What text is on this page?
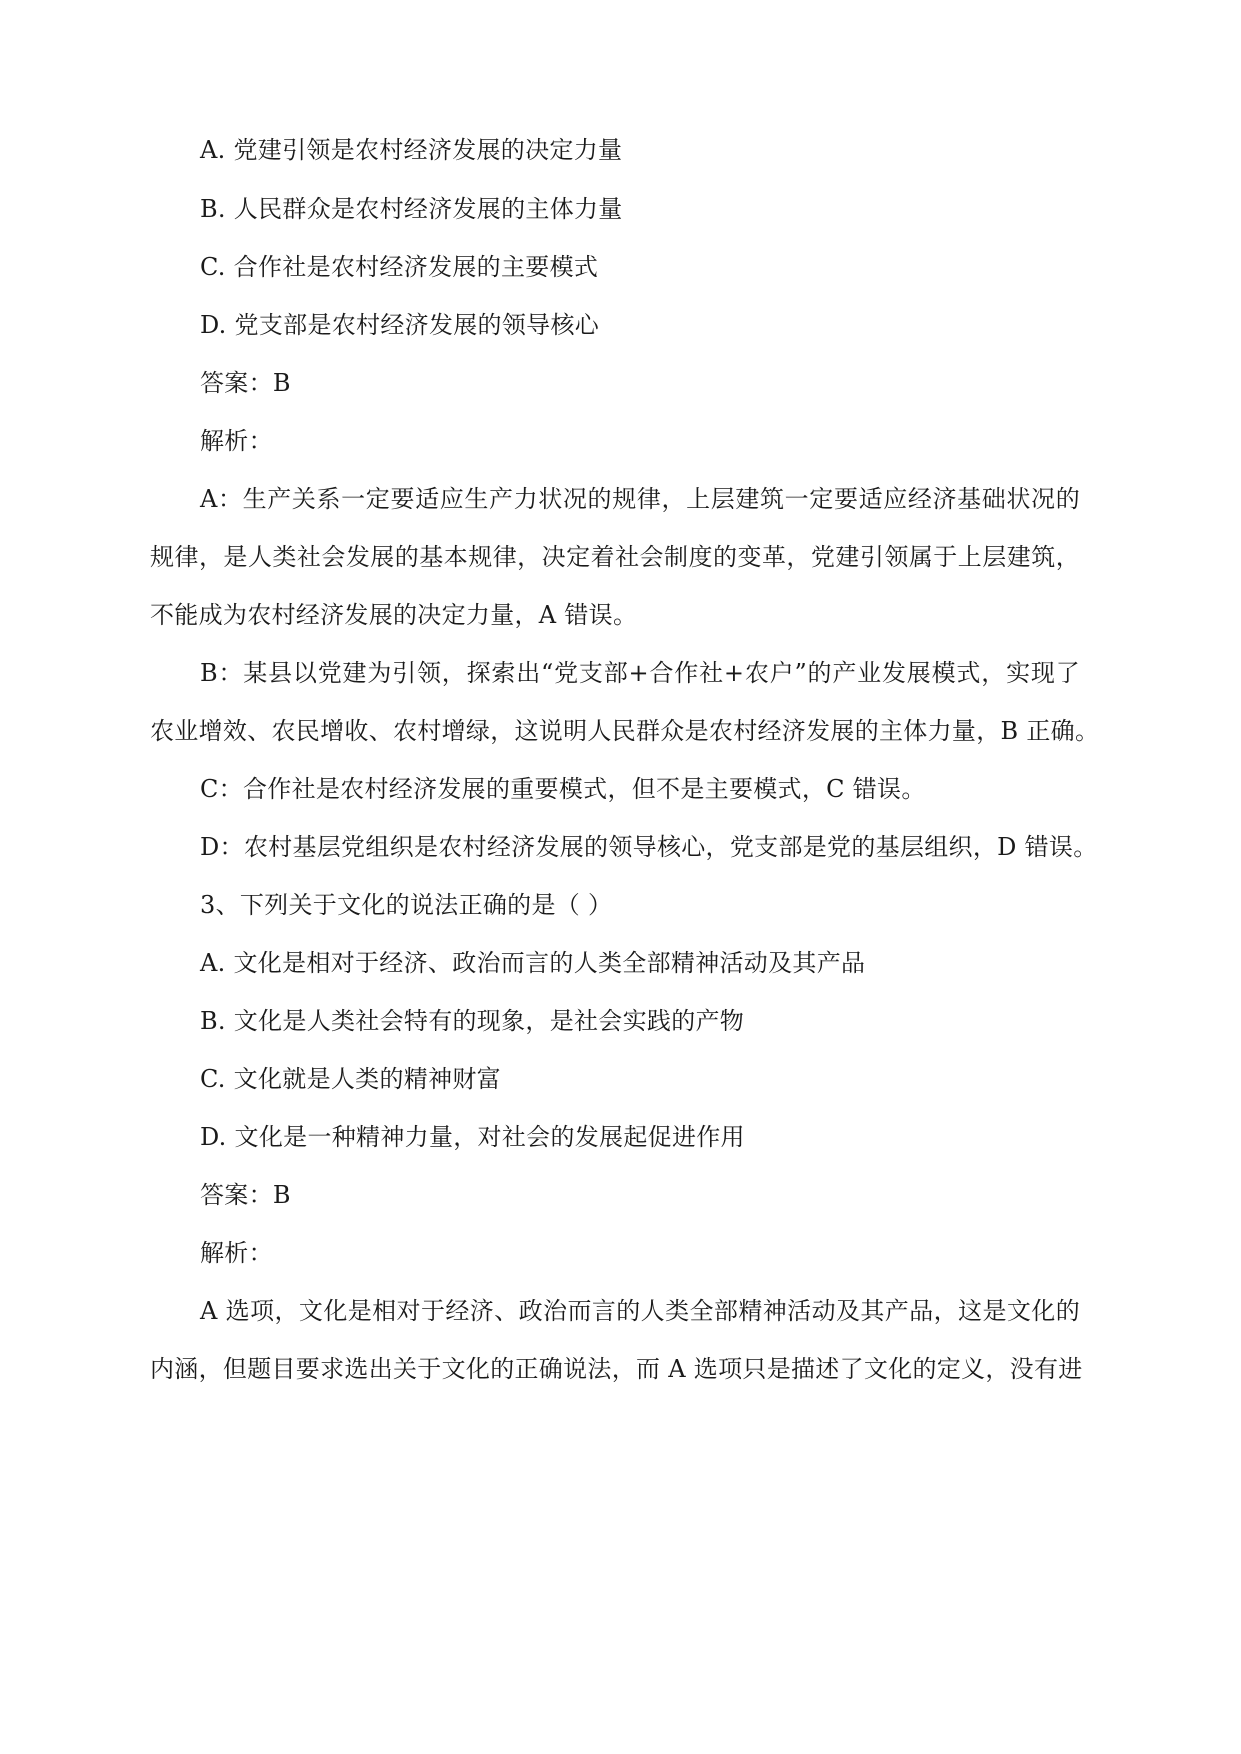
A. 党建引领是农村经济发展的决定力量
B. 人民群众是农村经济发展的主体力量
C. 合作社是农村经济发展的主要模式
D. 党支部是农村经济发展的领导核心
答案：B
解析：
A：生产关系一定要适应生产力状况的规律，上层建筑一定要适应经济基础状况的
规律，是人类社会发展的基本规律，决定着社会制度的变革，党建引领属于上层建筑，
不能成为农村经济发展的决定力量，A 错误。
B：某县以党建为引领，探索出“党支部+合作社+农户”的产业发展模式，实现了
农业增效、农民增收、农村增绿，这说明人民群众是农村经济发展的主体力量，B 正确。
C：合作社是农村经济发展的重要模式，但不是主要模式，C 错误。
D：农村基层党组织是农村经济发展的领导核心，党支部是党的基层组织，D 错误。
3、下列关于文化的说法正确的是（ ）
A. 文化是相对于经济、政治而言的人类全部精神活动及其产品
B. 文化是人类社会特有的现象，是社会实践的产物
C. 文化就是人类的精神财富
D. 文化是一种精神力量，对社会的发展起促进作用
答案：B
解析：
A 选项，文化是相对于经济、政治而言的人类全部精神活动及其产品，这是文化的
内涵，但题目要求选出关于文化的正确说法，而 A 选项只是描述了文化的定义，没有进
